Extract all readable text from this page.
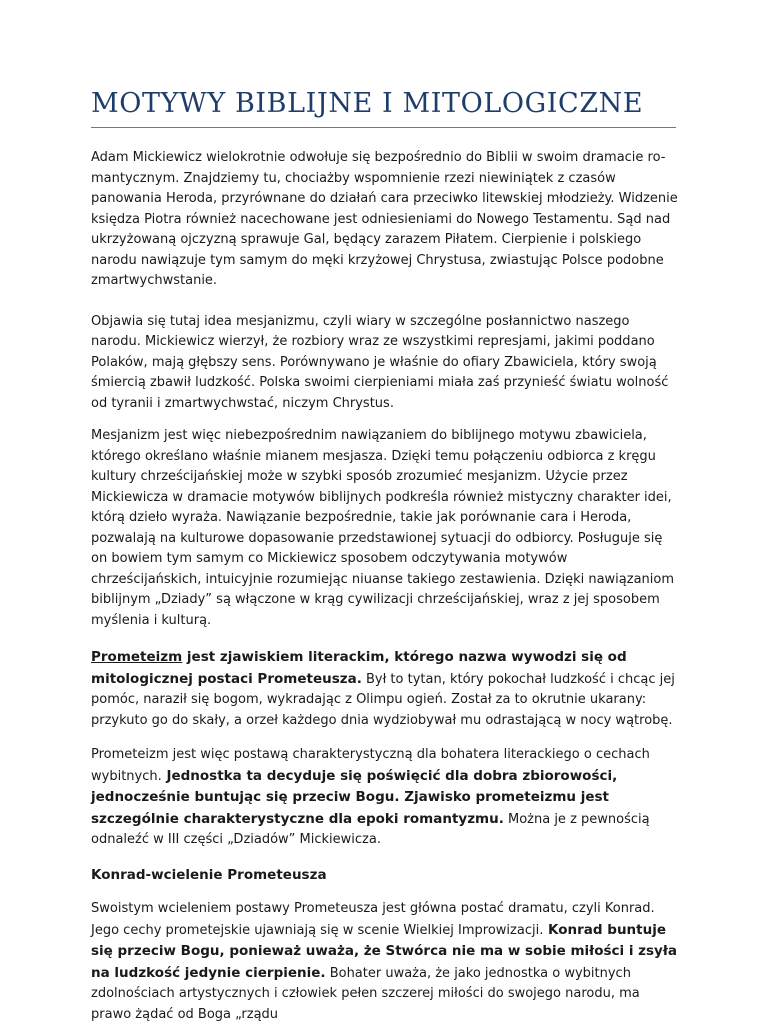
MOTYWY BIBLIJNE I MITOLOGICZNE

Adam Mickiewicz wielokrotnie odwołuje się bezpośrednio do Biblii w swoim dramacie ro-mantycznym. Znajdziemy tu, chociażby wspomnienie rzezi niewiniątek z czasów panowania Heroda, przyrównane do działań cara przeciwko litewskiej młodzieży. Widzenie księdza Piotra również nacechowane jest odniesieniami do Nowego Testamentu. Sąd nad ukrzyżowaną ojczyzną sprawuje Gal, będący zarazem Piłatem. Cierpienie i polskiego narodu nawiązuje tym samym do męki krzyżowej Chrystusa, zwiastując Polsce podobne zmartwychwstanie.

Objawia się tutaj idea mesjanizmu, czyli wiary w szczególne posłannictwo naszego narodu. Mickiewicz wierzył, że rozbiory wraz ze wszystkimi represjami, jakimi poddano Polaków, mają głębszy sens. Porównywano je właśnie do ofiary Zbawiciela, który swoją śmiercią zbawił ludzkość. Polska swoimi cierpieniami miała zaś przynieść światu wolność od tyranii i zmartwychwstać, niczym Chrystus.

Mesjanizm jest więc niebezpośrednim nawiązaniem do biblijnego motywu zbawiciela, którego określano właśnie mianem mesjasza. Dzięki temu połączeniu odbiorca z kręgu kultury chrześcijańskiej może w szybki sposób zrozumieć mesjanizm. Użycie przez Mickiewicza w dramacie motywów biblijnych podkreśla również mistyczny charakter idei, którą dzieło wyraża. Nawiązanie bezpośrednie, takie jak porównanie cara i Heroda, pozwalają na kulturowe dopasowanie przedstawionej sytuacji do odbiorcy. Posługuje się on bowiem tym samym co Mickiewicz sposobem odczytywania motywów chrześcijańskich, intuicyjnie rozumiejąc niuanse takiego zestawienia. Dzięki nawiązaniom biblijnym „Dziady” są włączone w krąg cywilizacji chrześcijańskiej, wraz z jej sposobem myślenia i kulturą.

Prometeizm jest zjawiskiem literackim, którego nazwa wywodzi się od mitologicznej postaci Prometeusza. Był to tytan, który pokochał ludzkość i chcąc jej pomóc, naraził się bogom, wykradając z Olimpu ogień. Został za to okrutnie ukarany: przykuto go do skały, a orzeł każdego dnia wydziobywał mu odrastającą w nocy wątrobę.

Prometeizm jest więc postawą charakterystyczną dla bohatera literackiego o cechach wybitnych. Jednostka ta decyduje się poświęcić dla dobra zbiorowości, jednocześnie buntując się przeciw Bogu. Zjawisko prometeizmu jest szczególnie charakterystyczne dla epoki romantyzmu. Można je z pewnością odnaleźć w III części „Dziadów” Mickiewicza.

Konrad-wcielenie Prometeusza

Swoistym wcieleniem postawy Prometeusza jest główna postać dramatu, czyli Konrad. Jego cechy prometejskie ujawniają się w scenie Wielkiej Improwizacji. Konrad buntuje się przeciw Bogu, ponieważ uważa, że Stwórca nie ma w sobie miłości i zsyła na ludzkość jedynie cierpienie. Bohater uważa, że jako jednostka o wybitnych zdolnościach artystycznych i człowiek pełen szczerej miłości do swojego narodu, ma prawo żądać od Boga „rządu
